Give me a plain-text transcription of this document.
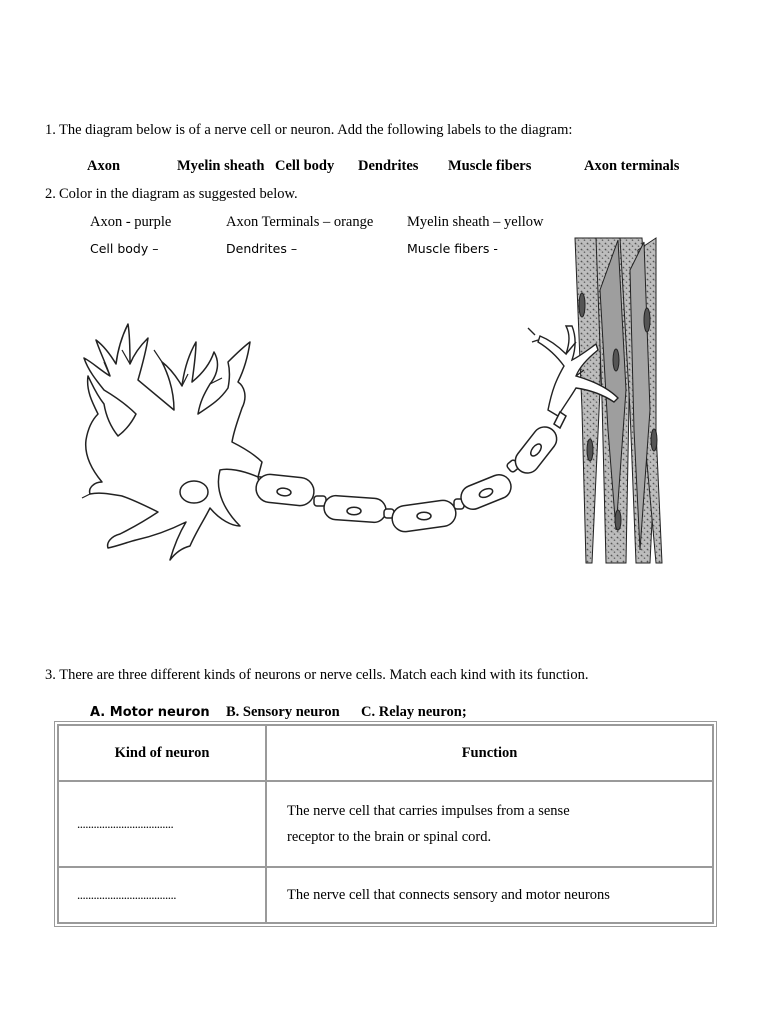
1. The diagram below is of a nerve cell or neuron. Add the following labels to the diagram:
Axon	Myelin sheath Cell body Dendrites Muscle fibers	Axon terminals
2. Color in the diagram as suggested below.
Axon - purple	Axon Terminals – orange Myelin sheath – yellow
Cell body –	Dendrites –	Muscle fibers -
3. There are three different kinds of neurons or nerve cells. Match each kind with its function.
A. Motor neuron B. Sensory neuron C. Relay neuron;
Kind of neuron	Function
...................................	The nerve cell that carries impulses from a sense
receptor to the brain or spinal cord.

....................................	The nerve cell that connects sensory and motor neurons
